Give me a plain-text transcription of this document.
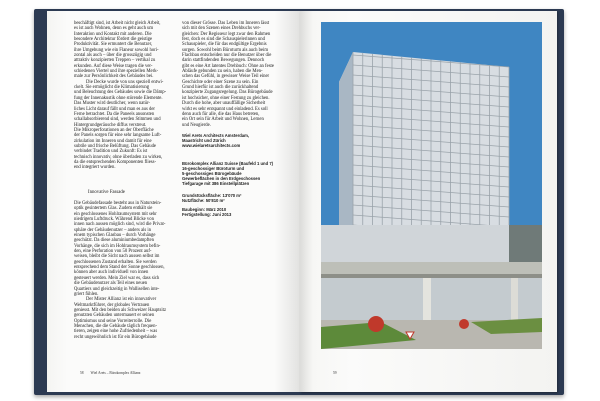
beschäftigt sind, ist Arbeit nicht gleich Arbeit,
es ist auch Wohnen, denn es geht auch um
Interaktion und Kontakt mit anderen. Die
besondere Architektur fördert die geistige
Produktivität. Sie ermuntert die Benutzer,
ihre Umgebung wie ein Flaneur sowohl hori-
zontal als auch – über die grosszügig und
attraktiv konzipierten Treppen – vertikal zu
erkunden. Auf diese Weise tragen die ver-
schiedenen Viertel und ihre speziellen Merk-
male zur Persönlichkeit des Gebäudes bei.
Die Decke wurde von uns speziell entwi-
ckelt. Sie ermöglicht die Klimatisierung
und Beleuchtung des Gebäudes sowie die Dämp-
fung der Innenakustik ohne störende Elemente.
Das Muster wird deutlicher, wenn natür-
liches Licht darauf fällt und man es aus der
Ferne betrachtet. Da die Paneels ansonsten
schallabsorbierend sind, werden Stimmen und
Hintergrundgeräusche diffus verstreut.
Die Mikroperforationen an der Oberfläche
der Panels sorgen für eine sehr langsame Luft-
zirkulation im Inneren und damit für eine
subtile und frische Belüftung. Das Gebäude
verbindet Tradition und Zukunft: Es ist
technisch innovativ, ohne überladen zu wirken,
da die entsprechenden Komponenten fliess-
end integriert wurden.
Innovative Fassade
Die Gebäudefassade besteht aus in Naturstein-
optik gesintertem Glas. Zudem enthält sie
ein geschlossenes Hohlraumsystem mit sehr
niedrigem Luftdruck. Während Blicke von
innen nach aussen möglich sind, wird die Privat-
sphäre der Gebäudenutzer – anders als in
einem typischen Glasbau – durch Vorhänge
geschützt. Da diese aluminiumbedampften
Vorhänge, die sich im Hohlraumsystem befin-
den, eine Perforation von 50 Prozent auf-
weisen, bleibt die Sicht nach aussen selbst im
geschlossenen Zustand erhalten. Sie werden
entsprechend dem Stand der Sonne geschlossen,
können aber auch individuell von innen
gesteuert werden. Mein Ziel war es, dass sich
die Gebäudenutzer als Teil eines neuen
Quartiers und gleichzeitig in Wallisellen inte-
griert fühlen.
Der Mister Allianz ist ein innovativer
Weltmarktführer, der globales Vertrauen
geniesst. Mit den beiden als Schweizer Hauptsitz
genutzten Gebäuden untermauert er seinen
Optimismus und seine Vorreiterrolle. Die
Menschen, die die Gebäude täglich frequen-
tieren, zeigen eine hohe Zufriedenheit – was
recht ungewöhnlich ist für ein Bürogebäude
von dieser Grösse. Das Leben im Inneren lässt
sich mit den Szenen eines Drehbuchs ver-
gleichen: Der Regisseur legt zwar den Rahmen
fest, doch es sind die Schauspielerinnen und
Schauspieler, die für das endgültige Ergebnis
sorgen. Sowohl beim Büroturm als auch beim
Flachbau entscheiden nur die Benutzer über die
darin stattfindenden Bewegungen. Dennoch
gibt es eine Art latentes Drehbuch: Ohne an feste
Abläufe gebunden zu sein, haben die Men-
schen das Gefühl, in gewisser Weise Teil einer
Geschichte oder einer Szene zu sein. Ein
Grund hierfür ist auch die zurückhaltend
konzipierte Zugangsregelung. Das Bürogebäude
ist hochsicher, ohne einer Festung zu gleichen.
Durch die hohe, aber unauffällige Sicherheit
wirkt es sehr entspannt und einladend. Es soll
denn auch für alle, die das Haus betreten,
ein Ort sein für Arbeit und Wohnen, Lernen
und Neugierde.
Wiel Arets Architects Amsterdam,
Maastricht und Zürich
www.wielaretsarchitects.com
Bürokomplex Allianz Suisse (Baufeld 1 und 7)
16-geschossiger Büroturm und
5-geschossiges Bürogebäude
Gewerbeflächen in den Erdgeschossen
Tiefgarage mit 386 Einstellplätzen
Grundstücksfläche: 13'070 m²
Nutzfläche: 50'810 m²
Baubeginn: März 2010
Fertigstellung: Juni 2013
58 Wiel Arets – Bürokomplex Allianz	59
